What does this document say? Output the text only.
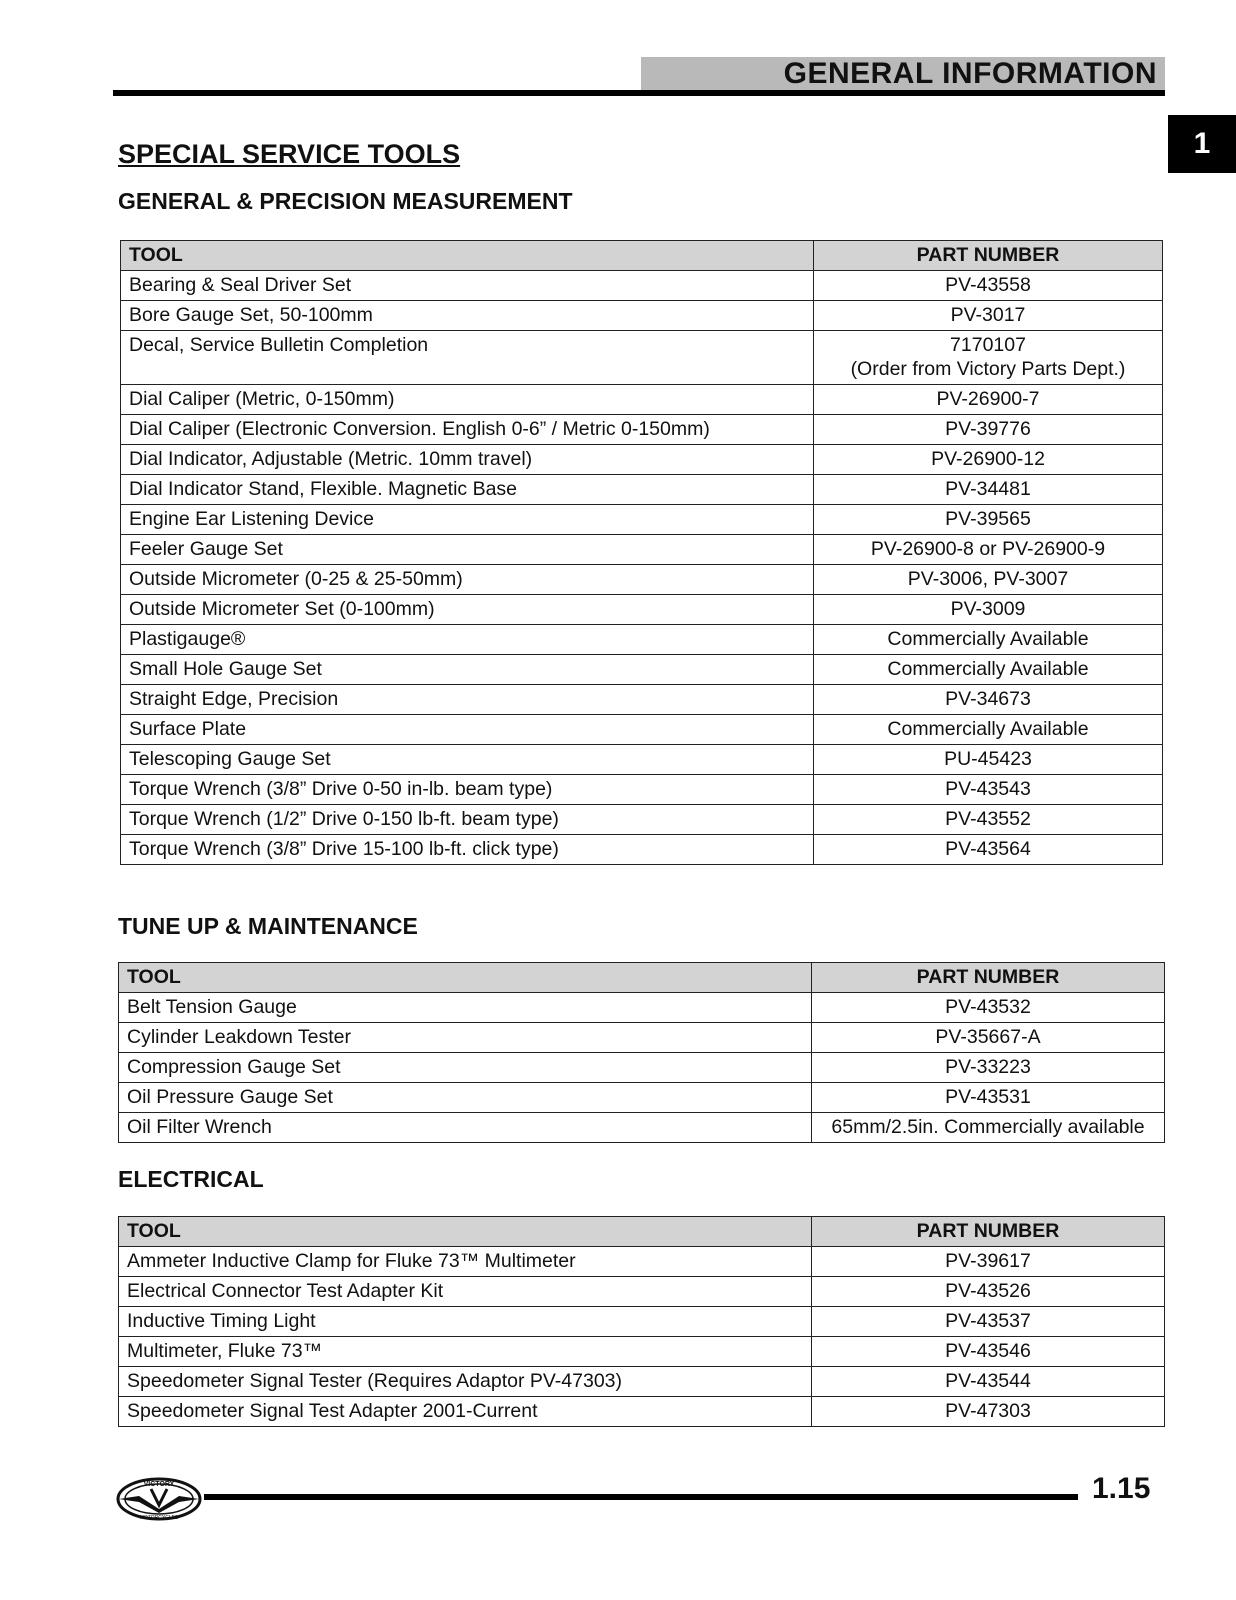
GENERAL INFORMATION
1
SPECIAL SERVICE TOOLS
GENERAL & PRECISION MEASUREMENT
TOOL	PART NUMBER
Bearing & Seal Driver Set	PV-43558
Bore Gauge Set, 50-100mm	PV-3017
Decal, Service Bulletin Completion	7170107
(Order from Victory Parts Dept.)
Dial Caliper (Metric, 0-150mm)	PV-26900-7
Dial Caliper (Electronic Conversion. English 0-6” / Metric 0-150mm)	PV-39776
Dial Indicator, Adjustable (Metric. 10mm travel)	PV-26900-12
Dial Indicator Stand, Flexible. Magnetic Base	PV-34481
Engine Ear Listening Device	PV-39565
Feeler Gauge Set	PV-26900-8 or PV-26900-9
Outside Micrometer (0-25 & 25-50mm)	PV-3006, PV-3007
Outside Micrometer Set (0-100mm)	PV-3009
Plastigauge®	Commercially Available
Small Hole Gauge Set	Commercially Available
Straight Edge, Precision	PV-34673
Surface Plate	Commercially Available
Telescoping Gauge Set	PU-45423
Torque Wrench (3/8” Drive 0-50 in-lb. beam type)	PV-43543
Torque Wrench (1/2” Drive 0-150 lb-ft. beam type)	PV-43552
Torque Wrench (3/8” Drive 15-100 lb-ft. click type)	PV-43564
TUNE UP & MAINTENANCE
TOOL	PART NUMBER
Belt Tension Gauge	PV-43532
Cylinder Leakdown Tester	PV-35667-A
Compression Gauge Set	PV-33223
Oil Pressure Gauge Set	PV-43531
Oil Filter Wrench	65mm/2.5in. Commercially available
ELECTRICAL
TOOL	PART NUMBER
Ammeter Inductive Clamp for Fluke 73™ Multimeter	PV-39617
Electrical Connector Test Adapter Kit	PV-43526
Inductive Timing Light	PV-43537
Multimeter, Fluke 73™	PV-43546
Speedometer Signal Tester (Requires Adaptor PV-47303)	PV-43544
Speedometer Signal Test Adapter 2001-Current	PV-47303
VICTORY
MOTORCYCLES
1.15
